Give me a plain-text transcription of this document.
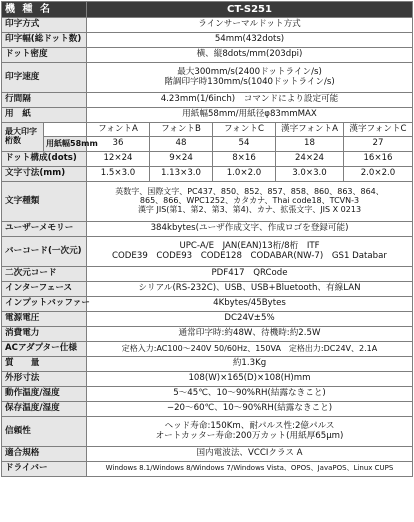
機 種 名		CT-S251				
印字方式		ラインサーマルドット方式				
印字幅(総ドット数)		54mm(432dots)				
ドット密度		横、縦8dots/mm(203dpi)				
印字速度		最大300mm/s(2400ドットライン/s)
階調印字時130mm/s(1040ドットライン/s)				

行間隔		4.23mm(1/6inch)　コマンドにより設定可能				
用　紙		用紙幅58mm/用紙径φ83mmMAX				
最大印字桁数		フォントA	フォントB	フォントC	漢字フォントA	漢字フォントC
	用紙幅58mm	36	48	54	18	27
ドット構成(dots)		12×24	9×24	8×16	24×24	16×16
文字寸法(mm)		1.5×3.0	1.13×3.0	1.0×2.0	3.0×3.0	2.0×2.0
文字種類		英数字、国際文字、PC437、850、852、857、858、860、863、864、
865、866、WPC1252、カタカナ、Thai code18、TCVN-3
漢字 JIS(第1、第2、第3、第4)、カナ、拡張文字、JIS X 0213				

ユーザーメモリー		384kbytes(ユーザ作成文字、作成ロゴを登録可能)				
バーコード(一次元)		UPC-A/E　JAN(EAN)13桁/8桁　ITF
CODE39　CODE93　CODE128　CODABAR(NW-7)　GS1 Databar				

二次元コード		PDF417　QRCode				
インターフェース		シリアル(RS-232C)、USB、USB+Bluetooth、有線LAN				
インプットバッファー		4Kbytes/45Bytes				
電源電圧		DC24V±5%				
消費電力		通常印字時:約48W、待機時:約2.5W				
ACアダプター仕様		定格入力:AC100〜240V 50/60Hz、150VA　定格出力:DC24V、2.1A				
質　　量		約1.3Kg				
外形寸法		108(W)×165(D)×108(H)mm				
動作温度/湿度		5〜45℃、10〜90%RH(結露なきこと)				
保存温度/湿度		−20〜60℃、10〜90%RH(結露なきこと)				
信頼性		ヘッド寿命:150Km、耐パルス性:2億パルス
オートカッター寿命:200万カット(用紙厚65μm)				

適合規格		国内電波法、VCCIクラス A				
ドライバー		Windows 8.1/Windows 8/Windows 7/Windows Vista、OPOS、JavaPOS、Linux CUPS				
